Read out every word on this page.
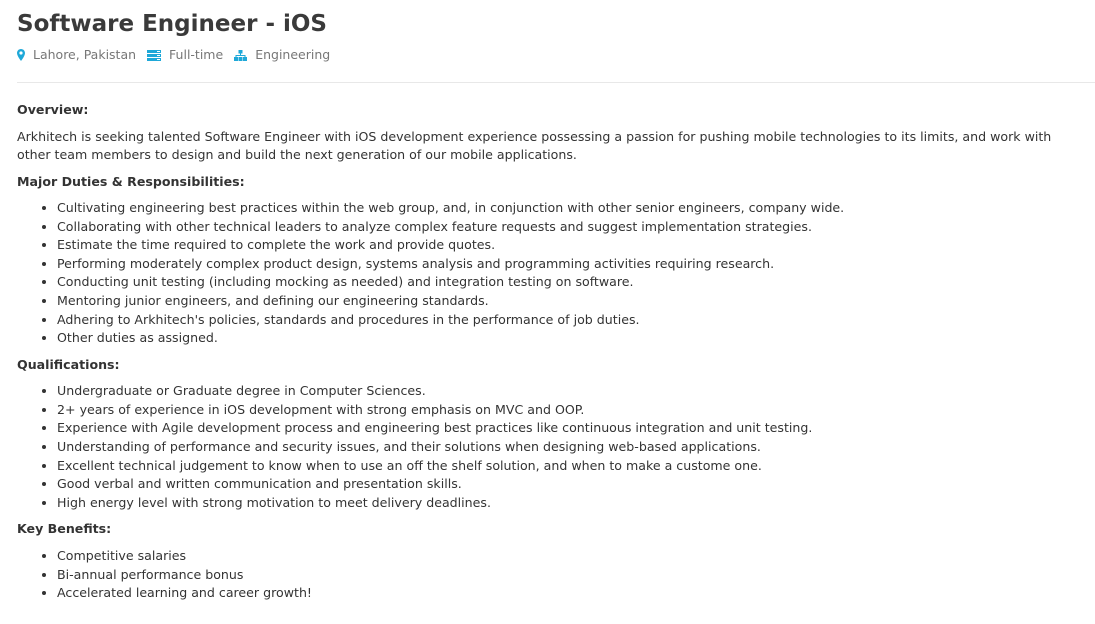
Software Engineer - iOS
Lahore, Pakistan	Full-time	Engineering

Overview:

Arkhitech is seeking talented Software Engineer with iOS development experience possessing a passion for pushing mobile technologies to its limits, and work with other team members to design and build the next generation of our mobile applications.

Major Duties & Responsibilities:

• Cultivating engineering best practices within the web group, and, in conjunction with other senior engineers, company wide.
• Collaborating with other technical leaders to analyze complex feature requests and suggest implementation strategies.
• Estimate the time required to complete the work and provide quotes.
• Performing moderately complex product design, systems analysis and programming activities requiring research.
• Conducting unit testing (including mocking as needed) and integration testing on software.
• Mentoring junior engineers, and defining our engineering standards.
• Adhering to Arkhitech's policies, standards and procedures in the performance of job duties.
• Other duties as assigned.

Qualifications:

• Undergraduate or Graduate degree in Computer Sciences.
• 2+ years of experience in iOS development with strong emphasis on MVC and OOP.
• Experience with Agile development process and engineering best practices like continuous integration and unit testing.
• Understanding of performance and security issues, and their solutions when designing web-based applications.
• Excellent technical judgement to know when to use an off the shelf solution, and when to make a custome one.
• Good verbal and written communication and presentation skills.
• High energy level with strong motivation to meet delivery deadlines.

Key Benefits:

• Competitive salaries
• Bi-annual performance bonus
• Accelerated learning and career growth!
